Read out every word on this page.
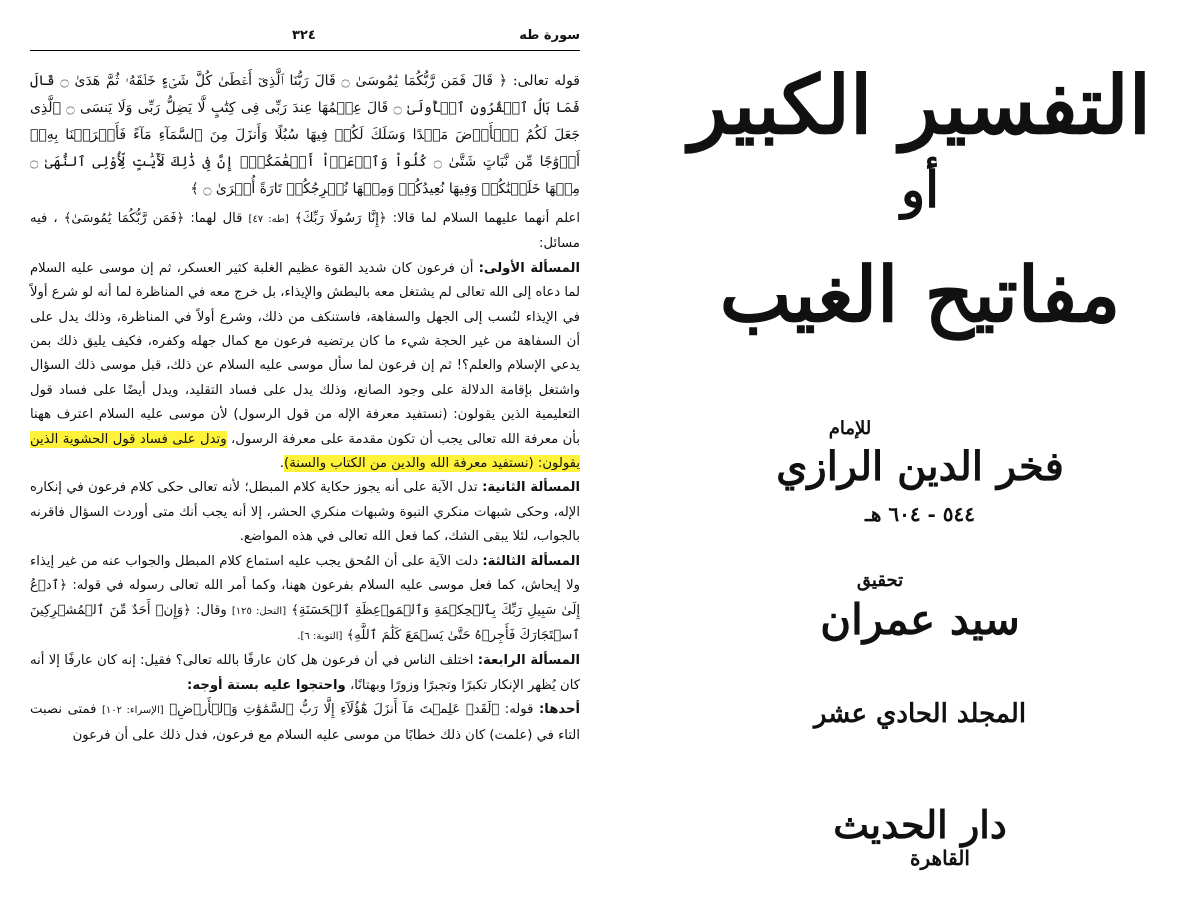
سورة طه
٣٢٤

قوله تعالى: ﴿ قَالَ فَمَن رَّبُّكُمَا يَٰمُوسَىٰ ۝ قَالَ رَبُّنَا ٱلَّذِىٓ أَعۡطَىٰ كُلَّ شَىۡءٍ خَلۡقَهُۥ ثُمَّ هَدَىٰ ۝ قَالَ فَمَا بَالُ ٱلۡقُرُونِ ٱلۡأُولَىٰ ۝ قَالَ عِلۡمُهَا عِندَ رَبِّى فِى كِتَٰبٍ لَّا يَضِلُّ رَبِّى وَلَا يَنسَى ۝ ٱلَّذِى جَعَلَ لَكُمُ ٱلۡأَرۡضَ مَهۡدًا وَسَلَكَ لَكُمۡ فِيهَا سُبُلًا وَأَنزَلَ مِنَ ٱلسَّمَآءِ مَآءً فَأَخۡرَجۡنَا بِهِۦٓ أَزۡوَٰجًا مِّن نَّبَاتٍ شَتَّىٰ ۝ كُلُواْ وَٱرۡعَوۡاْ أَنۡعَٰمَكُمۡۚ إِنَّ فِى ذَٰلِكَ لَأٓيَٰتٍ لِّأُوْلِى ٱلنُّهَىٰ ۝ مِنۡهَا خَلَقۡنَٰكُمۡ وَفِيهَا نُعِيدُكُمۡ وَمِنۡهَا نُخۡرِجُكُمۡ تَارَةً أُخۡرَىٰ ۝ ﴾

اعلم أنهما عليهما السلام لما قالا: ﴿إِنَّا رَسُولَا رَبِّكَ﴾ [طه: ٤٧] قال لهما: ﴿فَمَن رَّبُّكُمَا يَٰمُوسَىٰ﴾ ، فيه مسائل:

المسألة الأولى: أن فرعون كان شديد القوة عظيم الغلبة كثير العسكر، ثم إن موسى عليه السلام لما دعاه إلى الله تعالى لم يشتغل معه بالبطش والإيذاء، بل خرج معه في المناظرة لما أنه لو شرع أولاً في الإيذاء لنُسب إلى الجهل والسفاهة، فاستنكف من ذلك، وشرع أولاً في المناظرة، وذلك يدل على أن السفاهة من غير الحجة شيء ما كان يرتضيه فرعون مع كمال جهله وكفره، فكيف يليق ذلك بمن يدعي الإسلام والعلم؟! ثم إن فرعون لما سأل موسى عليه السلام عن ذلك، قبل موسى ذلك السؤال واشتغل بإقامة الدلالة على وجود الصانع، وذلك يدل على فساد التقليد، ويدل أيضًا على فساد قول التعليمية الذين يقولون: (نستفيد معرفة الإله من قول الرسول) لأن موسى عليه السلام اعترف ههنا بأن معرفة الله تعالى يجب أن تكون مقدمة على معرفة الرسول، وتدل على فساد قول الحشوية الذين يقولون: (نستفيد معرفة الله والدين من الكتاب والسنة).

المسألة الثانية: تدل الآية على أنه يجوز حكاية كلام المبطل؛ لأنه تعالى حكى كلام فرعون في إنكاره الإله، وحكى شبهات منكري النبوة وشبهات منكري الحشر، إلا أنه يجب أنك متى أوردت السؤال فاقرنه بالجواب، لئلا يبقى الشك، كما فعل الله تعالى في هذه المواضع.

المسألة الثالثة: دلت الآية على أن المُحق يجب عليه استماع كلام المبطل والجواب عنه من غير إيذاء ولا إيحاش، كما فعل موسى عليه السلام بفرعون ههنا، وكما أمر الله تعالى رسوله في قوله: ﴿ٱدۡعُ إِلَىٰ سَبِيلِ رَبِّكَ بِٱلۡحِكۡمَةِ وَٱلۡمَوۡعِظَةِ ٱلۡحَسَنَةِ﴾ [النحل: ١٢٥] وقال: ﴿وَإِنۡ أَحَدٌ مِّنَ ٱلۡمُشۡرِكِينَ ٱسۡتَجَارَكَ فَأَجِرۡهُ حَتَّىٰ يَسۡمَعَ كَلَٰمَ ٱللَّهِ﴾ [التوبة: ٦].

المسألة الرابعة: اختلف الناس في أن فرعون هل كان عارفًا بالله تعالى؟ فقيل: إنه كان عارفًا إلا أنه كان يُظهر الإنكار تكبرًا وتجبرًا وزورًا وبهتانًا، واحتجوا عليه بستة أوجه:

أحدها: قوله: ﴿لَقَدۡ عَلِمۡتَ مَآ أَنزَلَ هَٰٓؤُلَآءِ إِلَّا رَبُّ ٱلسَّمَٰوَٰتِ وَٱلۡأَرۡضِ﴾ [الإسراء: ١٠٢] فمتى نصبت التاء في (علمت) كان ذلك خطابًا من موسى عليه السلام مع فرعون، فدل ذلك على أن فرعون

التفسير الكبير
أو
مفاتيح الغيب
للإمام
فخر الدين الرازي
٥٤٤ - ٦٠٤ هـ
تحقيق
سيد عمران
المجلد الحادي عشر
دار الحديث
القاهرة
